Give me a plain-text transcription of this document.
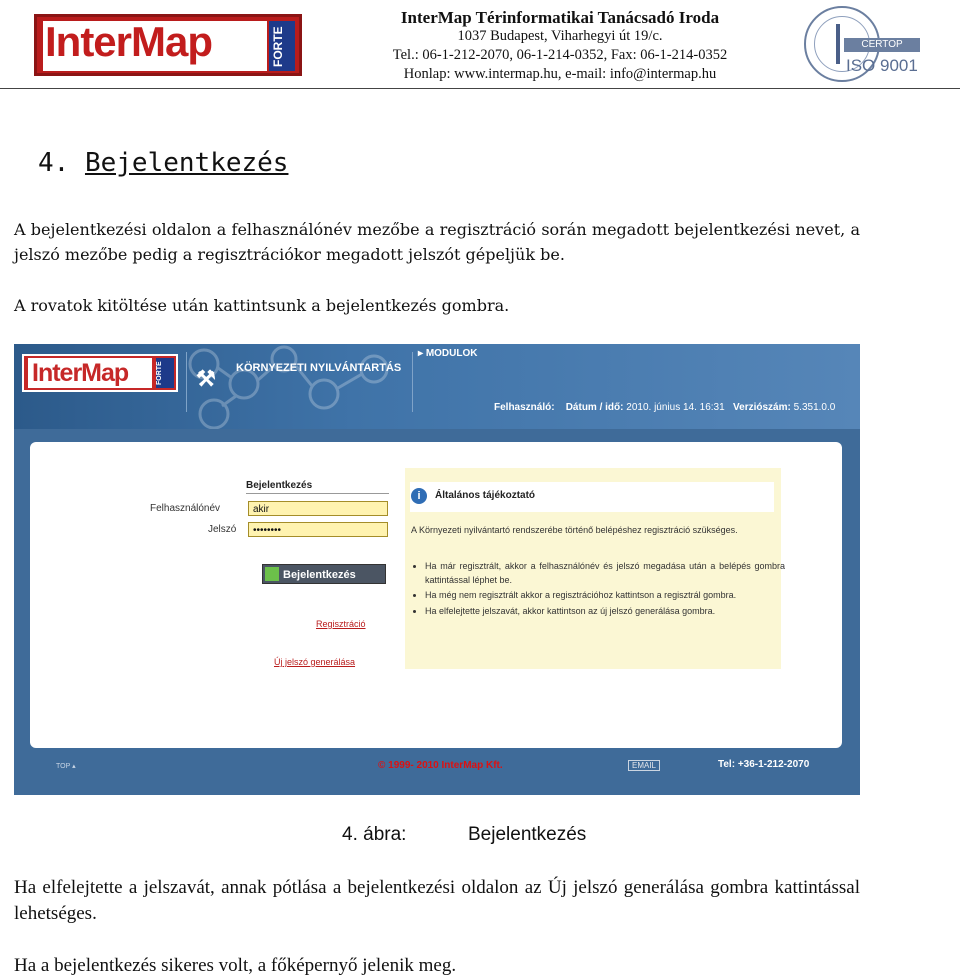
InterMap	FORTE
InterMap Térinformatikai Tanácsadó Iroda
1037 Budapest, Viharhegyi út 19/c.
Tel.: 06-1-212-2070, 06-1-214-0352, Fax: 06-1-214-0352
Honlap: www.intermap.hu, e-mail: info@intermap.hu
CERTOP
ISO 9001
4. Bejelentkezés
A bejelentkezési oldalon a felhasználónév mezőbe a regisztráció során megadott bejelentkezési nevet, a jelszó mezőbe pedig a regisztrációkor megadott jelszót gépeljük be.
A rovatok kitöltése után kattintsunk a bejelentkezés gombra.
InterMap	FORTE	⚒ KÖRNYEZETI NYILVÁNTARTÁS
▸ MODULOK
Felhasználó: Dátum / idő: 2010. június 14. 16:31 Verziószám: 5.351.0.0
Bejelentkezés
Felhasználónév	akir
Jelszó	••••••••
Bejelentkezés
Regisztráció
Új jelszó generálása
i	Általános tájékoztató
A Környezeti nyilvántartó rendszerébe történő belépéshez regisztráció szükséges.
• Ha már regisztrált, akkor a felhasználónév és jelszó megadása után a belépés gombra kattintással léphet be.
• Ha még nem regisztrált akkor a regisztrációhoz kattintson a regisztrál gombra.
• Ha elfelejtette jelszavát, akkor kattintson az új jelszó generálása gombra.
TOP ▴	© 1999- 2010 InterMap Kft.	EMAIL	Tel: +36-1-212-2070
4. ábra:	Bejelentkezés
Ha elfelejtette a jelszavát, annak pótlása a bejelentkezési oldalon az Új jelszó generálása gombra kattintással lehetséges.
Ha a bejelentkezés sikeres volt, a főképernyő jelenik meg.
